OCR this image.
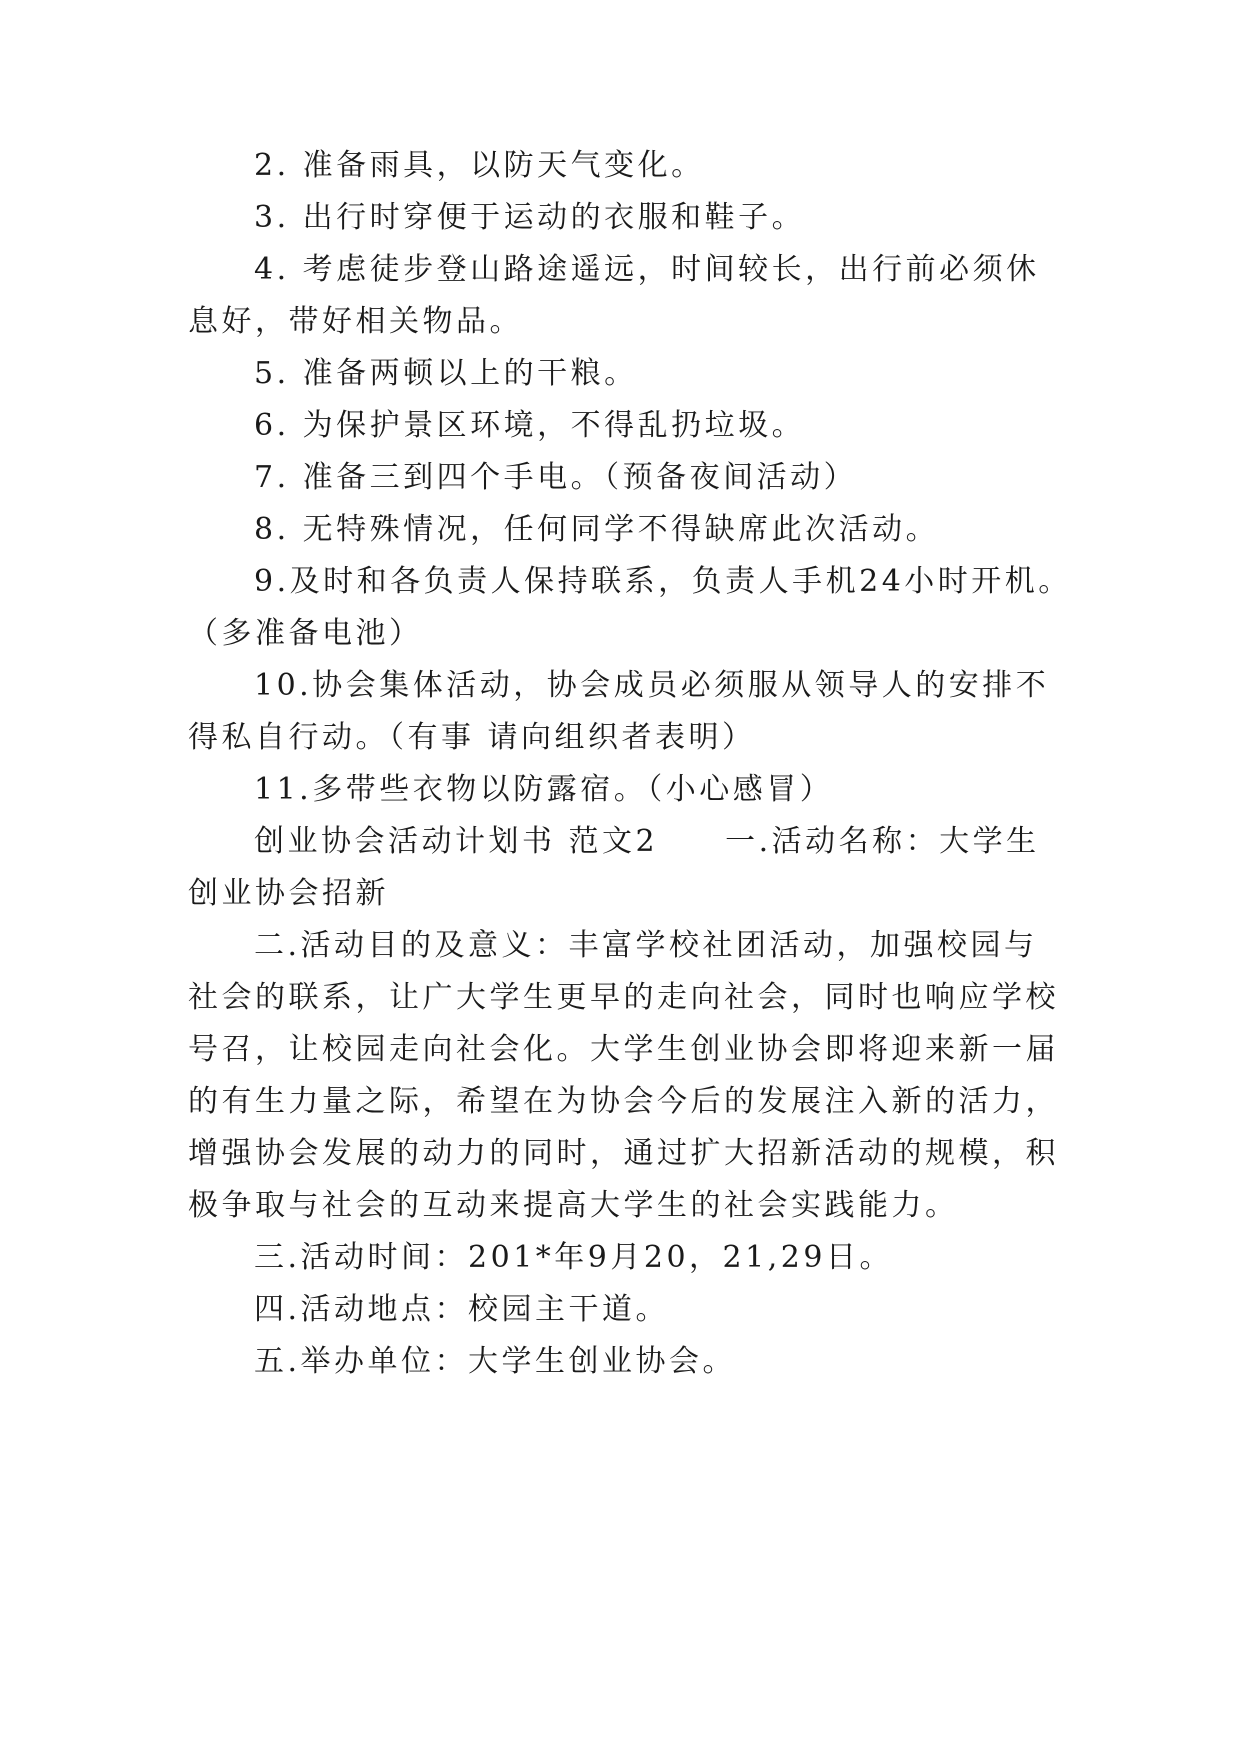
2. 准备雨具，以防天气变化。
3. 出行时穿便于运动的衣服和鞋子。
4. 考虑徒步登山路途遥远，时间较长，出行前必须休
息好，带好相关物品。
5. 准备两顿以上的干粮。
6. 为保护景区环境，不得乱扔垃圾。
7. 准备三到四个手电。（预备夜间活动）
8. 无特殊情况，任何同学不得缺席此次活动。
9.及时和各负责人保持联系，负责人手机24小时开机。
（多准备电池）
10.协会集体活动，协会成员必须服从领导人的安排不
得私自行动。（有事 请向组织者表明）
11.多带些衣物以防露宿。（小心感冒）
创业协会活动计划书 范文2　　一.活动名称：大学生
创业协会招新
二.活动目的及意义：丰富学校社团活动，加强校园与
社会的联系，让广大学生更早的走向社会，同时也响应学校
号召，让校园走向社会化。大学生创业协会即将迎来新一届
的有生力量之际，希望在为协会今后的发展注入新的活力，
增强协会发展的动力的同时，通过扩大招新活动的规模，积
极争取与社会的互动来提高大学生的社会实践能力。
三.活动时间：201*年9月20，21,29日。
四.活动地点：校园主干道。
五.举办单位：大学生创业协会。
